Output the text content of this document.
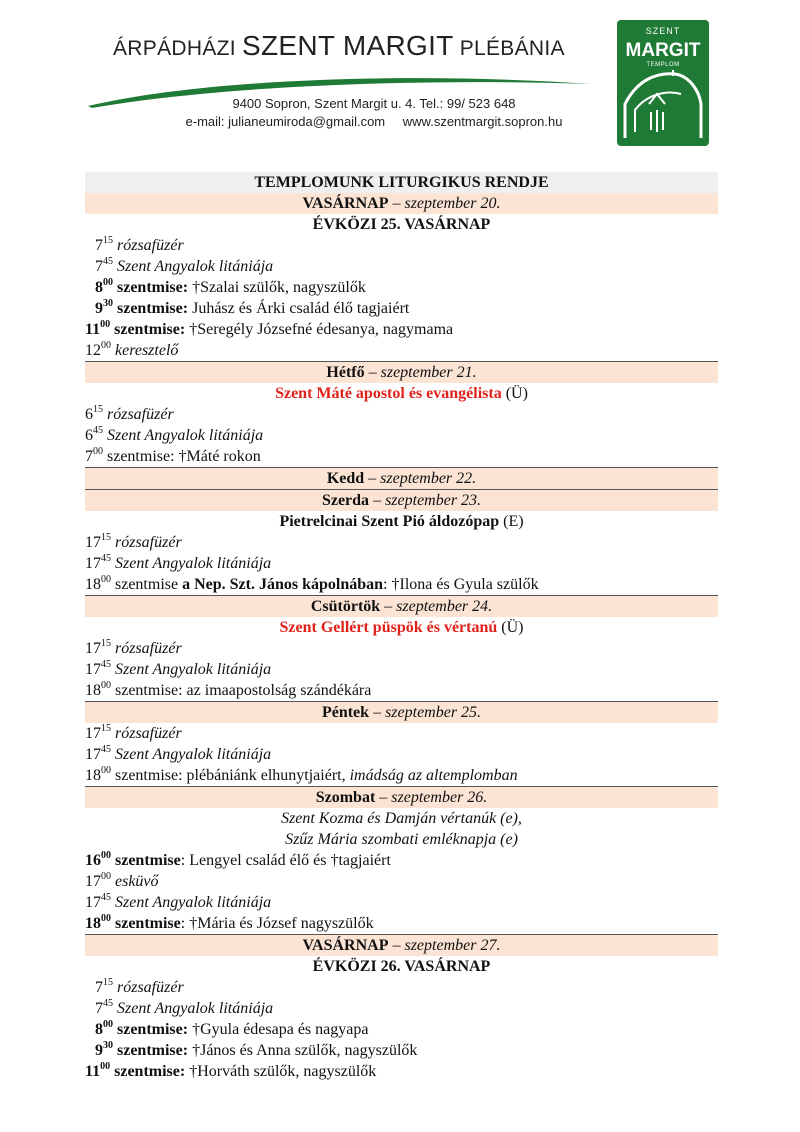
ÁRPÁDHÁZI SZENT MARGIT PLÉBÁNIA
9400 Sopron, Szent Margit u. 4. Tel.: 99/ 523 648
e-mail: julianeumiroda@gmail.com www.szentmargit.sopron.hu
SZENT
MARGIT
TEMPLOM
TEMPLOMUNK LITURGIKUS RENDJE
VASÁRNAP – szeptember 20.
ÉVKÖZI 25. VASÁRNAP
$7^{15}$ rózsafüzér
$7^{45}$ Szent Angyalok litániája
$8^{00}$ szentmise: †Szalai szülők, nagyszülők
$9^{30}$ szentmise: Juhász és Árki család élő tagjaiért
$11^{00}$ szentmise: †Seregély Józsefné édesanya, nagymama
$12^{00}$ keresztelő
Hétfő – szeptember 21.
Szent Máté apostol és evangélista (Ü)
$6^{15}$ rózsafüzér
$6^{45}$ Szent Angyalok litániája
$7^{00}$ szentmise: †Máté rokon
Kedd – szeptember 22.
Szerda – szeptember 23.
Pietrelcinai Szent Pió áldozópap (E)
$17^{15}$ rózsafüzér
$17^{45}$ Szent Angyalok litániája
$18^{00}$ szentmise a Nep. Szt. János kápolnában: †Ilona és Gyula szülők
Csütörtök – szeptember 24.
Szent Gellért püspök és vértanú (Ü)
$17^{15}$ rózsafüzér
$17^{45}$ Szent Angyalok litániája
$18^{00}$ szentmise: az imaapostolság szándékára
Péntek – szeptember 25.
$17^{15}$ rózsafüzér
$17^{45}$ Szent Angyalok litániája
$18^{00}$ szentmise: plébániánk elhunytjaiért, imádság az altemplomban
Szombat – szeptember 26.
Szent Kozma és Damján vértanúk (e),
Szűz Mária szombati emléknapja (e)
$16^{00}$ szentmise: Lengyel család élő és †tagjaiért
$17^{00}$ esküvő
$17^{45}$ Szent Angyalok litániája
$18^{00}$ szentmise: †Mária és József nagyszülők
VASÁRNAP – szeptember 27.
ÉVKÖZI 26. VASÁRNAP
$7^{15}$ rózsafüzér
$7^{45}$ Szent Angyalok litániája
$8^{00}$ szentmise: †Gyula édesapa és nagyapa
$9^{30}$ szentmise: †János és Anna szülők, nagyszülők
$11^{00}$ szentmise: †Horváth szülők, nagyszülők
